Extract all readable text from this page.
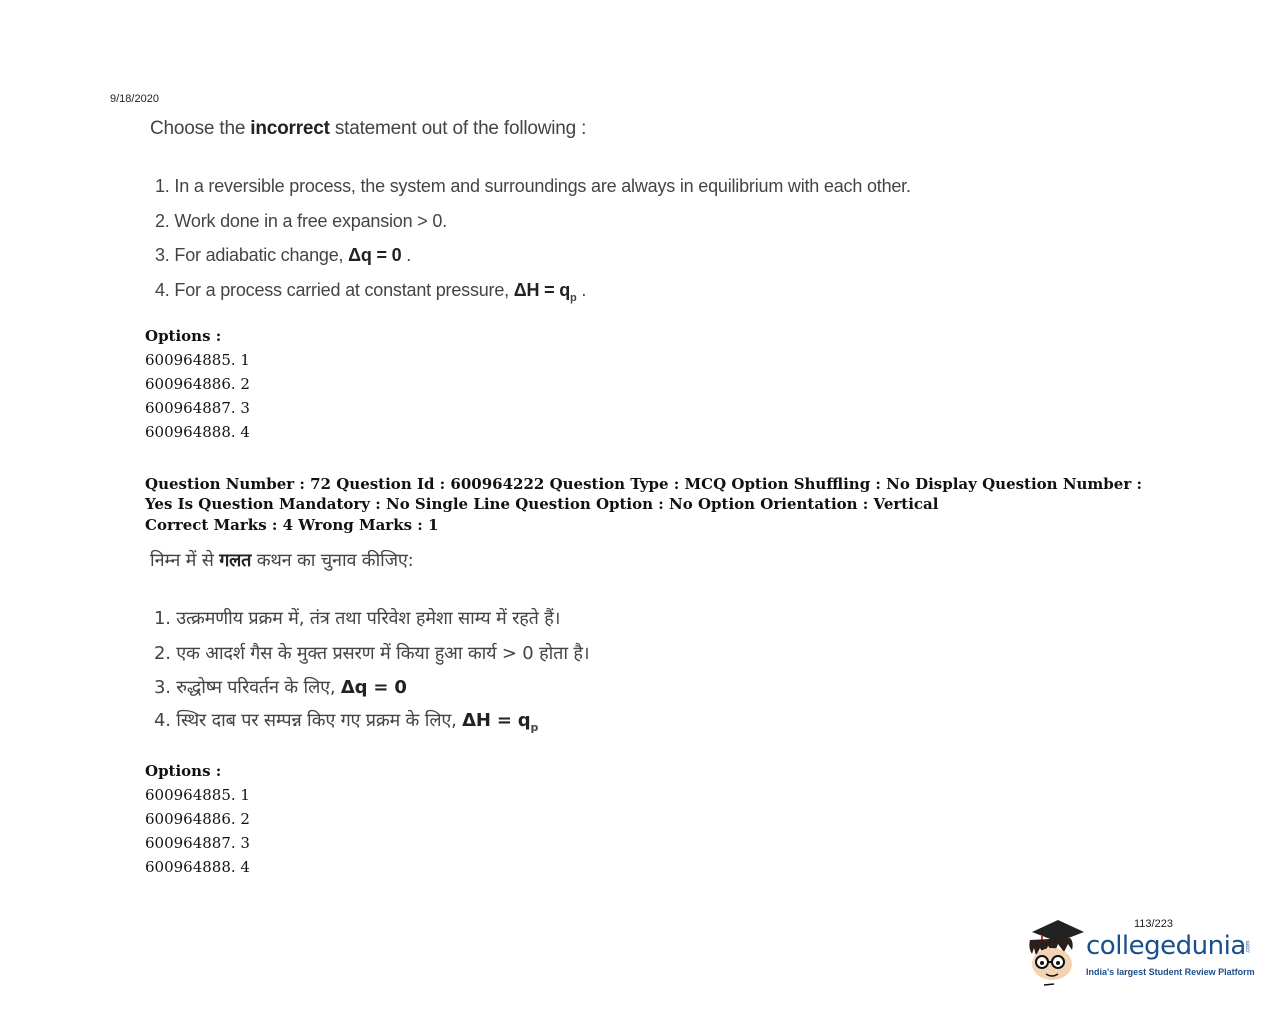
9/18/2020
Choose the incorrect statement out of the following :
1. In a reversible process, the system and surroundings are always in equilibrium with each other.
2. Work done in a free expansion > 0.
3. For adiabatic change, Δq = 0 .
4. For a process carried at constant pressure, $\Delta H = q_p$ .
Options :
600964885. 1
600964886. 2
600964887. 3
600964888. 4
Question Number : 72 Question Id : 600964222 Question Type : MCQ Option Shuffling : No Display Question Number : Yes Is Question Mandatory : No Single Line Question Option : No Option Orientation : Vertical
Correct Marks : 4 Wrong Marks : 1
निम्न में से गलत कथन का चुनाव कीजिए:
1. उत्क्रमणीय प्रक्रम में, तंत्र तथा परिवेश हमेशा साम्य में रहते हैं।
2. एक आदर्श गैस के मुक्त प्रसरण में किया हुआ कार्य > 0 होता है।
3. रुद्धोष्म परिवर्तन के लिए, Δq = 0
4. स्थिर दाब पर सम्पन्न किए गए प्रक्रम के लिए, $\Delta H = q_p$
Options :
600964885. 1
600964886. 2
600964887. 3
600964888. 4
113/223
collegedunia .com
India's largest Student Review Platform
